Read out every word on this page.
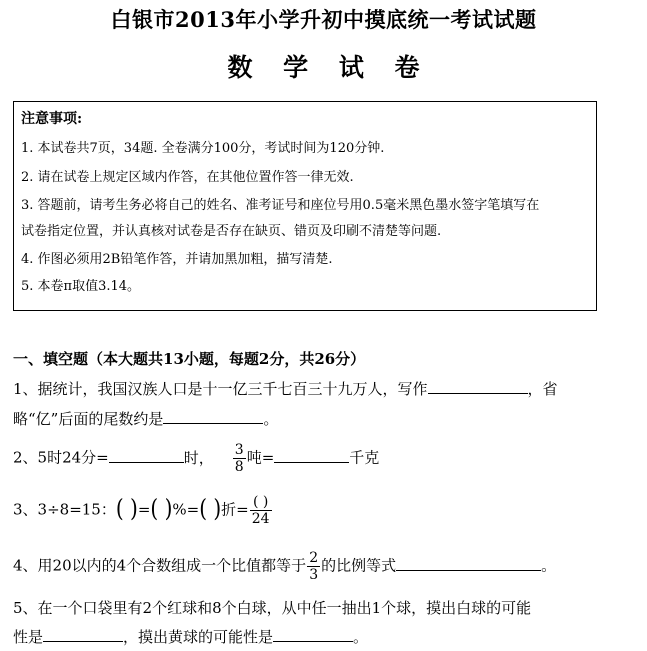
白银市2013年小学升初中摸底统一考试试题
数 学 试 卷
注意事项:
1. 本试卷共7页，34题. 全卷满分100分，考试时间为120分钟.
2. 请在试卷上规定区域内作答，在其他位置作答一律无效.
3. 答题前，请考生务必将自己的姓名、准考证号和座位号用0.5毫米黑色墨水签字笔填写在
试卷指定位置，并认真核对试卷是否存在缺页、错页及印刷不清楚等问题.
4. 作图必须用2B铅笔作答，并请加黑加粗，描写清楚.
5. 本卷π取值3.14。
一、填空题（本大题共13小题，每题2分，共26分）
1、据统计，我国汉族人口是十一亿三千七百三十九万人，写作	，省
略“亿”后面的尾数约是	。
2、5时24分=	时， $\frac{3}{8}$ 吨=	千克
3、3÷8=15：( )=( )%=( )折= $\frac{( )}{24}$
4、用20以内的4个合数组成一个比值都等于 $\frac{2}{3}$ 的比例等式	。
5、在一个口袋里有2个红球和8个白球，从中任一抽出1个球，摸出白球的可能
性是	，摸出黄球的可能性是	。
